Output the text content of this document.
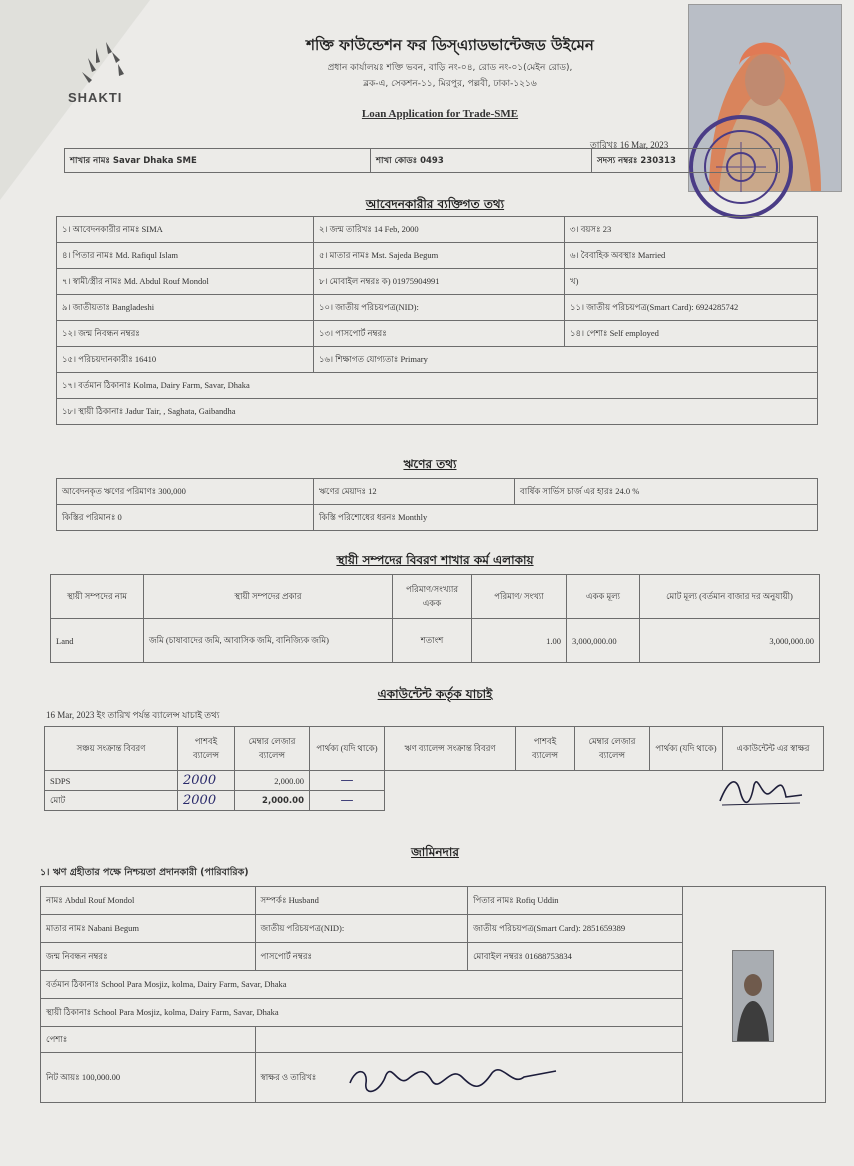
SHAKTI
শক্তি ফাউন্ডেশন ফর ডিস্এ্যাডভান্টেজড উইমেন
প্রধান কার্যালয়ঃ শক্তি ভবন, বাড়ি নং-০৪, রোড নং-০১(মেইন রোড),
ব্লক-এ, সেকশন-১১, মিরপুর, পল্লবী, ঢাকা-১২১৬
Loan Application for Trade-SME
তারিখঃ 16 Mar, 2023
শাখার নামঃ Savar Dhaka SME	শাখা কোডঃ 0493	সদস্য নম্বরঃ 230313
আবেদনকারীর ব্যক্তিগত তথ্য
১। আবেদনকারীর নামঃ SIMA	২। জন্ম তারিখঃ 14 Feb, 2000	৩। বয়সঃ 23
৪। পিতার নামঃ Md. Rafiqul Islam	৫। মাতার নামঃ Mst. Sajeda Begum	৬। বৈবাহিক অবস্থাঃ Married
৭। স্বামী/স্ত্রীর নামঃ Md. Abdul Rouf Mondol	৮। মোবাইল নম্বরঃ ক) 01975904991	খ)
৯। জাতীয়তাঃ Bangladeshi	১০। জাতীয় পরিচয়পত্র(NID):	১১। জাতীয় পরিচয়পত্র(Smart Card): 6924285742
১২। জন্ম নিবন্ধন নম্বরঃ	১৩। পাসপোর্ট নম্বরঃ	১৪। পেশাঃ Self employed
১৫। পরিচয়দানকারীঃ 16410	১৬। শিক্ষাগত যোগ্যতাঃ Primary	
১৭। বর্তমান ঠিকানাঃ Kolma, Dairy Farm, Savar, Dhaka		
১৮। স্থায়ী ঠিকানাঃ Jadur Tair, , Saghata, Gaibandha		
ঋণের তথ্য
আবেদনকৃত ঋণের পরিমাণঃ 300,000	ঋণের মেয়াদঃ 12	বার্ষিক সার্ভিস চার্জ এর হারঃ 24.0 %
কিস্তির পরিমানঃ 0	কিস্তি পরিশোধের ধরনঃ Monthly	
স্থায়ী সম্পদের বিবরণ শাখার কর্ম এলাকায়
স্থায়ী সম্পদের নাম	স্থায়ী সম্পদের প্রকার	পরিমাণ/সংখ্যার একক	পরিমাণ/ সংখ্যা	একক মূল্য	মোট মূল্য (বর্তমান বাজার দর অনুযায়ী)
Land	জমি (চাষাবাদের জমি, আবাসিক জমি, বানিজ্যিক জমি)	শতাংশ	1.00	3,000,000.00	3,000,000.00
একাউন্টেন্ট কর্তৃক যাচাই
16 Mar, 2023 ইং তারিখ পর্যন্ত ব্যালেন্স যাচাই তথ্য
সঞ্চয় সংক্রান্ত বিবরণ	পাশবই ব্যালেন্স	মেম্বার লেজার ব্যালেন্স	পার্থক্য (যদি থাকে)	ঋণ ব্যালেন্স সংক্রান্ত বিবরণ	পাশবই ব্যালেন্স	মেম্বার লেজার ব্যালেন্স	পার্থক্য (যদি থাকে)	একাউন্টেন্ট এর স্বাক্ষর
SDPS	2000	2,000.00	—	

মোট	2000	2,000.00	—					
জামিনদার
১। ঋণ গ্রহীতার পক্ষে নিশ্চয়তা প্রদানকারী (পারিবারিক)
নামঃ Abdul Rouf Mondol	সম্পর্কঃ Husband	পিতার নামঃ Rofiq Uddin	
মাতার নামঃ Nabani Begum	জাতীয় পরিচয়পত্র(NID):	জাতীয় পরিচয়পত্র(Smart Card): 2851659389	
জন্ম নিবন্ধন নম্বরঃ	পাসপোর্ট নম্বরঃ	মোবাইল নম্বরঃ 01688753834	
বর্তমান ঠিকানাঃ School Para Mosjiz, kolma, Dairy Farm, Savar, Dhaka			
স্থায়ী ঠিকানাঃ School Para Mosjiz, kolma, Dairy Farm, Savar, Dhaka			
পেশাঃ			
নিট আয়ঃ 100,000.00	স্বাক্ষর ও তারিখঃ		
